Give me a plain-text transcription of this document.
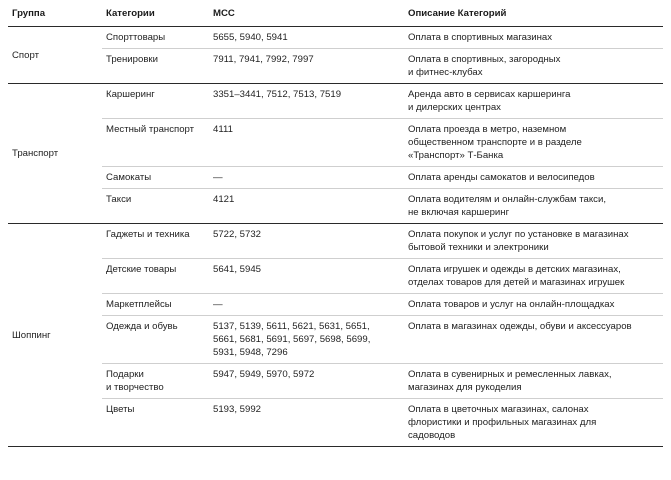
Группа	Категории	MCC	Описание Категорий
Спорт	Спорттовары	5655, 5940, 5941	Оплата в спортивных магазинах
	Тренировки	7911, 7941, 7992, 7997	Оплата в спортивных, загородных
и фитнес-клубах
Транспорт	Каршеринг	3351–3441, 7512, 7513, 7519	Аренда авто в сервисах каршеринга
и дилерских центрах
	Местный транспорт	4111	Оплата проезда в метро, наземном
общественном транспорте и в разделе
«Транспорт» Т-Банка
	Самокаты	—	Оплата аренды самокатов и велосипедов
	Такси	4121	Оплата водителям и онлайн-службам такси,
не включая каршеринг
Шоппинг	Гаджеты и техника	5722, 5732	Оплата покупок и услуг по установке в магазинах
бытовой техники и электроники
	Детские товары	5641, 5945	Оплата игрушек и одежды в детских магазинах,
отделах товаров для детей и магазинах игрушек
	Маркетплейсы	—	Оплата товаров и услуг на онлайн-площадках
	Одежда и обувь	5137, 5139, 5611, 5621, 5631, 5651,
5661, 5681, 5691, 5697, 5698, 5699,
5931, 5948, 7296	Оплата в магазинах одежды, обуви и аксессуаров
	Подарки
и творчество	5947, 5949, 5970, 5972	Оплата в сувенирных и ремесленных лавках,
магазинах для рукоделия
	Цветы	5193, 5992	Оплата в цветочных магазинах, салонах
флористики и профильных магазинах для
садоводов
